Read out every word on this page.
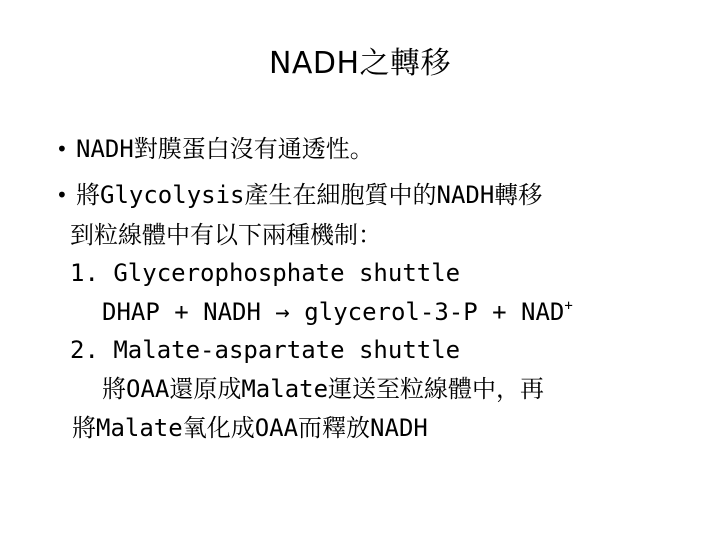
NADH之轉移
• NADH對膜蛋白沒有通透性。
• 將Glycolysis產生在細胞質中的NADH轉移
到粒線體中有以下兩種機制：
1. Glycerophosphate shuttle
DHAP + NADH → glycerol-3-P + NAD+
2. Malate-aspartate shuttle
將OAA還原成Malate運送至粒線體中，再
將Malate氧化成OAA而釋放NADH
